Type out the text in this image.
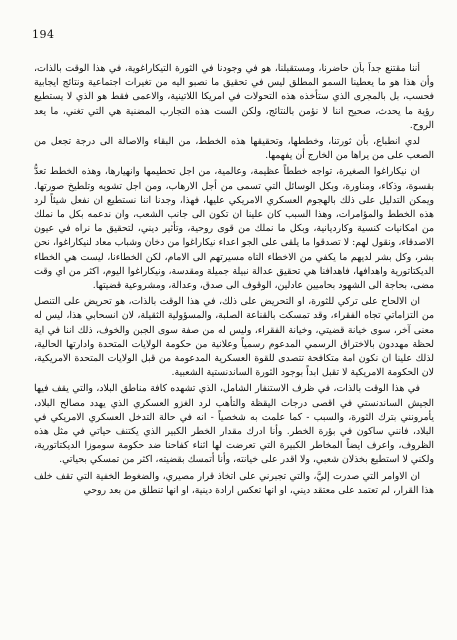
194

أننا مقتنع جداً بأن حاضرنا، ومستقبلنا، هو في وجودنا في الثورة التيكاراغوية، في هذا الوقت بالذات، وأن هذا هو ما يعطينا السمو المطلق ليس في تحقيق ما نصبو اليه من تغيرات اجتماعية ونتائج ايجابية فحسب، بل بالمجرى الذي ستأخذه هذه التحولات في امريكا اللاتينية، والاعمى فقط هو الذي لا يستطيع رؤية ما يحدث، صحيح اننا لا نؤمن بالنتائج، ولكن الست هذه التجارب المضنية هي التي تغني، ما يعد الروح.

لدي انطباع، بأن ثورتنا، وخططها، وتحقيقها هذه الخطط، من البقاء والاصالة الى درجة تجعل من الصعب على من يراها من الخارج أن يفهمها.

ان نيكاراغوا الصغيرة، تواجه خططاً عظيمة، وعالمية، من اجل تحطيمها وانهيارها، وهذه الخطط تعدُّ بقسوة، وذكاء، ومناورة، وبكل الوسائل التي تسمى من أجل الارهاب، ومن اجل تشويه وتلطيخ صورتها. ويمكن التدليل على ذلك بالهجوم العسكري الامريكي عليها، فهذا، وجدنا اننا نستطيع ان نفعل شيئاً لرد هذه الخطط والمؤامرات، وهذا السبب كان علينا ان تكون الى جانب الشعب، وان ندعمه بكل ما نملك من امكانيات كنسية وكارديانية، وبكل ما نملك من قوى روحية، وتأثير ديني، لتحقيق ما نراه في عيون الاصدقاء، ونقول لهم: لا تصدقوا ما يلقى على الجو اعداء نيكاراغوا من دخان وشباب معاد لنيكاراغوا، نحن بشر، وكل بشر لديهم ما يكفي من الاخطاء التاه مسيرتهم الى الامام، لكن الخطاءنا، ليست هي الخطاء الديكتاتورية واهدافها، فاهدافنا هي تحقيق عدالة نبيلة جميلة ومقدسة، ونيكاراغوا اليوم، اكثر من اي وقت مضى، بحاجة الى الشهود بحاميين عادلين، الوقوف الى صدق، وعدالة، ومشروعية قضيتها.

ان الالحاح على تركي للثورة، او التحريض على ذلك، في هذا الوقت بالذات، هو تحريض على التنصل من التزاماتي تجاه الفقراء، وقد تمسكت بالقناعة الصلبة، والمسؤولية الثقيلة، لان انسحابي هذا، ليس له معنى آخر، سوى خيانة قضيتي، وخيانة الفقراء، وليس له من صفة سوى الجبن والخوف، ذلك اننا في اية لحظة مهددون بالاختراق الرسمي المدعوم رسمياً وعلانية من حكومة الولايات المتحدة وادارتها الحالية، لذلك علينا ان نكون امة متكافحة تتصدى للقوة العسكرية المدعومة من قبل الولايات المتحدة الامريكية، لان الحكومة الامريكية لا تقبل ابداً بوجود الثورة الساندنستية الشعبية.

في هذا الوقت بالذات، في ظرف الاستنفار الشامل، الذي تشهده كافة مناطق البلاد، والتي يقف فيها الجيش الساندنستي في اقصى درجات اليقظة والتأهب لرد الغزو العسكري الذي يهدد مصالح البلاد، يأمرونني بترك الثورة، والسبب - كما علمت به شخصياً - انه في حالة التدخل العسكري الامريكي في البلاد، فانني ساكون في بؤرة الخطر. وأنا ادرك مقدار الخطر الكبير الذي يكتنف حياتي في مثل هذه الظروف، واعرف ايضاً المخاطر الكبيرة التي تعرضت لها اثناء كفاحنا ضد حكومة سوموزا الديكتاتورية، ولكني لا استطيع بخذلان شعبي، ولا اقدر على خيانته، وأنا أتمسك بقضيته، اكثر من تمسكي بحياتي.

ان الاوامر التي صدرت إليَّ، والتي تجبرني على اتخاذ قرار مصيري، والضغوط الخفية التي تقف خلف هذا القرار، لم تعتمد على معتقد ديني، او انها تعكس ارادة دينية، او انها تنطلق من بعد روحي
